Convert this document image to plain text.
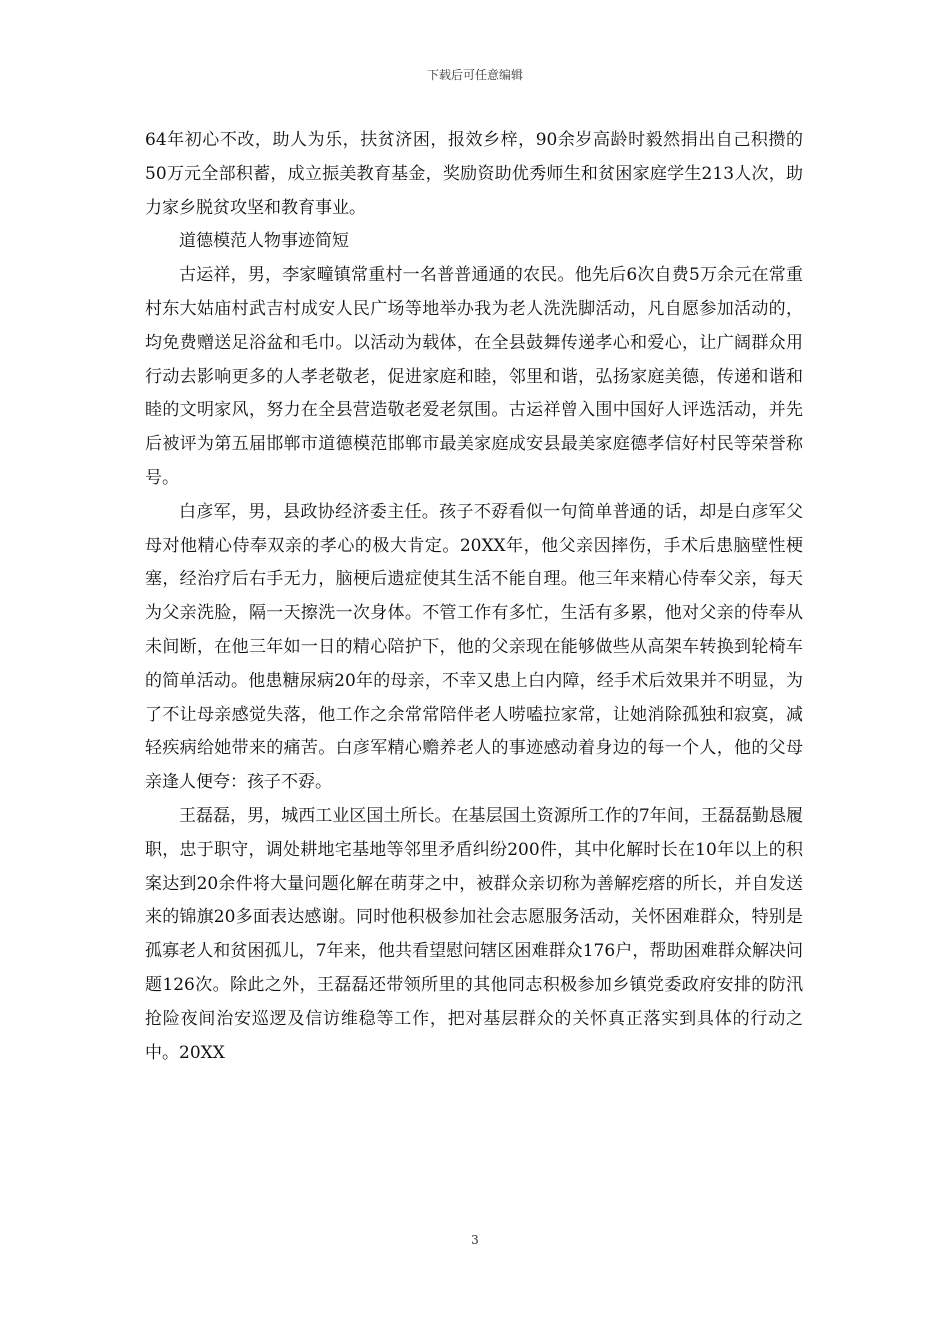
下载后可任意编辑

64年初心不改，助人为乐，扶贫济困，报效乡梓，90余岁高龄时毅然捐出自己积攒的50万元全部积蓄，成立振美教育基金，奖励资助优秀师生和贫困家庭学生213人次，助力家乡脱贫攻坚和教育事业。

道德模范人物事迹简短

古运祥，男，李家疃镇常重村一名普普通通的农民。他先后6次自费5万余元在常重村东大姑庙村武吉村成安人民广场等地举办我为老人洗洗脚活动，凡自愿参加活动的，均免费赠送足浴盆和毛巾。以活动为载体，在全县鼓舞传递孝心和爱心，让广阔群众用行动去影响更多的人孝老敬老，促进家庭和睦，邻里和谐，弘扬家庭美德，传递和谐和睦的文明家风，努力在全县营造敬老爱老氛围。古运祥曾入围中国好人评选活动，并先后被评为第五届邯郸市道德模范邯郸市最美家庭成安县最美家庭德孝信好村民等荣誉称号。

白彦军，男，县政协经济委主任。孩子不孬看似一句简单普通的话，却是白彦军父母对他精心侍奉双亲的孝心的极大肯定。20XX年，他父亲因摔伤，手术后患脑壁性梗塞，经治疗后右手无力，脑梗后遗症使其生活不能自理。他三年来精心侍奉父亲，每天为父亲洗脸，隔一天擦洗一次身体。不管工作有多忙，生活有多累，他对父亲的侍奉从未间断，在他三年如一日的精心陪护下，他的父亲现在能够做些从高架车转换到轮椅车的简单活动。他患糖尿病20年的母亲，不幸又患上白内障，经手术后效果并不明显，为了不让母亲感觉失落，他工作之余常常陪伴老人唠嗑拉家常，让她消除孤独和寂寞，减轻疾病给她带来的痛苦。白彦军精心赡养老人的事迹感动着身边的每一个人，他的父母亲逢人便夸：孩子不孬。

王磊磊，男，城西工业区国土所长。在基层国土资源所工作的7年间，王磊磊勤恳履职，忠于职守，调处耕地宅基地等邻里矛盾纠纷200件，其中化解时长在10年以上的积案达到20余件将大量问题化解在萌芽之中，被群众亲切称为善解疙瘩的所长，并自发送来的锦旗20多面表达感谢。同时他积极参加社会志愿服务活动，关怀困难群众，特别是孤寡老人和贫困孤儿，7年来，他共看望慰问辖区困难群众176户，帮助困难群众解决问题126次。除此之外，王磊磊还带领所里的其他同志积极参加乡镇党委政府安排的防汛抢险夜间治安巡逻及信访维稳等工作，把对基层群众的关怀真正落实到具体的行动之中。20XX

3
